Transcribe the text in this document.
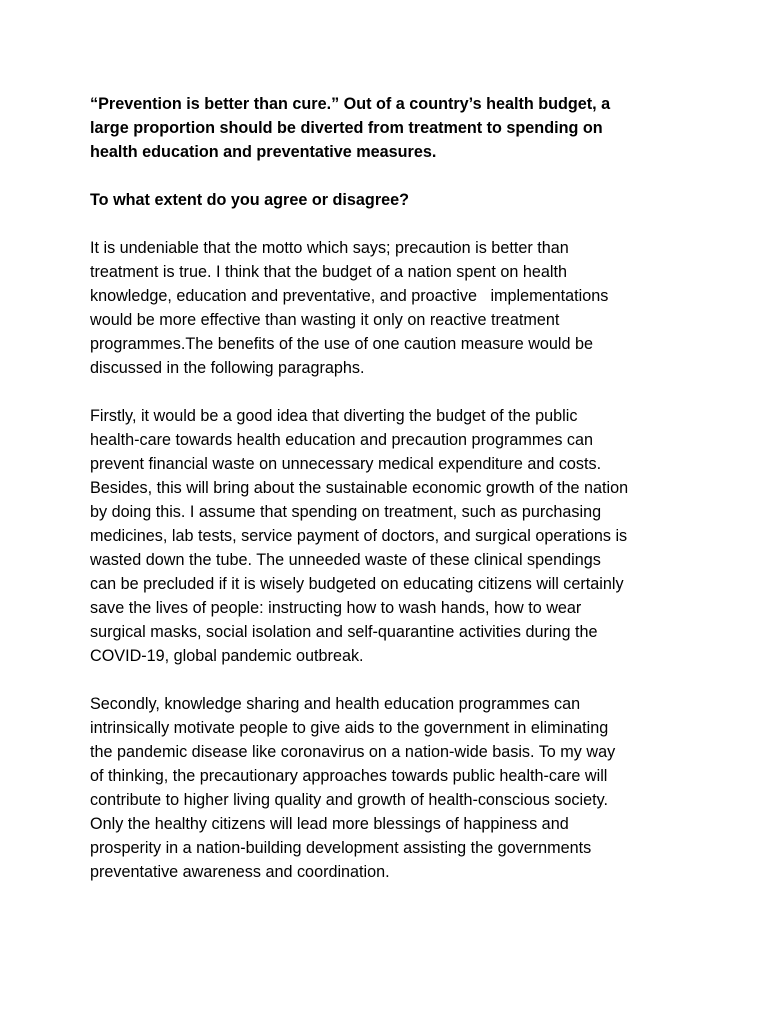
“Prevention is better than cure.” Out of a country’s health budget, a
large proportion should be diverted from treatment to spending on
health education and preventative measures.
To what extent do you agree or disagree?
It is undeniable that the motto which says; precaution is better than
treatment is true. I think that the budget of a nation spent on health
knowledge, education and preventative, and proactive   implementations
would be more effective than wasting it only on reactive treatment
programmes.The benefits of the use of one caution measure would be
discussed in the following paragraphs.
Firstly, it would be a good idea that diverting the budget of the public
health-care towards health education and precaution programmes can
prevent financial waste on unnecessary medical expenditure and costs.
Besides, this will bring about the sustainable economic growth of the nation
by doing this. I assume that spending on treatment, such as purchasing
medicines, lab tests, service payment of doctors, and surgical operations is
wasted down the tube. The unneeded waste of these clinical spendings
can be precluded if it is wisely budgeted on educating citizens will certainly
save the lives of people: instructing how to wash hands, how to wear
surgical masks, social isolation and self-quarantine activities during the
COVID-19, global pandemic outbreak.
Secondly, knowledge sharing and health education programmes can
intrinsically motivate people to give aids to the government in eliminating
the pandemic disease like coronavirus on a nation-wide basis. To my way
of thinking, the precautionary approaches towards public health-care will
contribute to higher living quality and growth of health-conscious society.
Only the healthy citizens will lead more blessings of happiness and
prosperity in a nation-building development assisting the governments
preventative awareness and coordination.
